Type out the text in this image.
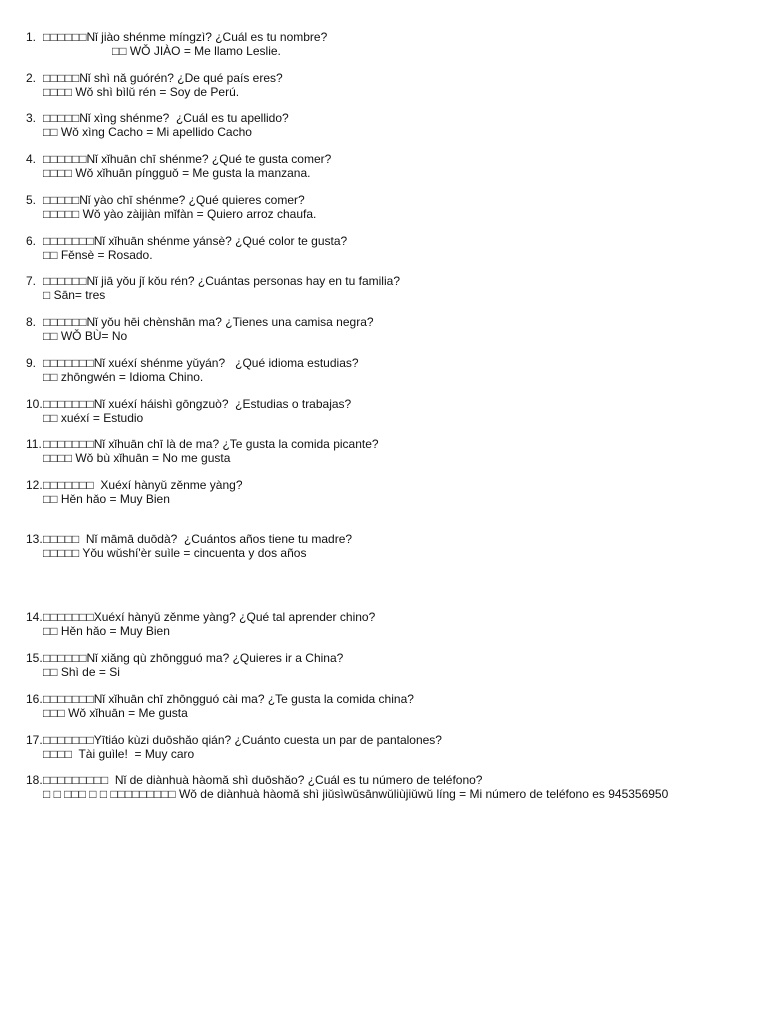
1. □□□□□□Nǐ jiào shénme míngzì? ¿Cuál es tu nombre?
□□ WǑ JIÀO = Me llamo Leslie.
2. □□□□□Nǐ shì nǎ guórén? ¿De qué país eres?
□□□□ Wǒ shì bìlǔ rén = Soy de Perú.
3. □□□□□Nǐ xìng shénme?  ¿Cuál es tu apellido?
□□ Wǒ xìng Cacho = Mi apellido Cacho
4. □□□□□□Nǐ xǐhuān chī shénme? ¿Qué te gusta comer?
□□□□ Wǒ xǐhuān píngguǒ = Me gusta la manzana.
5. □□□□□Nǐ yào chī shénme? ¿Qué quieres comer?
□□□□□ Wǒ yào zàijiàn mǐfàn = Quiero arroz chaufa.
6. □□□□□□□Nǐ xǐhuān shénme yánsè? ¿Qué color te gusta?
□□ Fěnsè = Rosado.
7. □□□□□□Nǐ jiā yǒu jǐ kǒu rén? ¿Cuántas personas hay en tu familia?
□ Sān= tres
8. □□□□□□Nǐ yǒu hēi chènshān ma? ¿Tienes una camisa negra?
□□ WǑ BÙ= No
9. □□□□□□□Nǐ xuéxí shénme yǔyán?   ¿Qué idioma estudias?
□□ zhōngwén = Idioma Chino.
10.□□□□□□□Nǐ xuéxí háishì gōngzuò?  ¿Estudias o trabajas?
□□ xuéxí = Estudio
11.□□□□□□□Nǐ xǐhuān chī là de ma? ¿Te gusta la comida picante?
□□□□ Wǒ bù xǐhuān = No me gusta
12.□□□□□□□  Xuéxí hànyǔ zěnme yàng?
□□ Hěn hǎo = Muy Bien
13.□□□□□  Nǐ māmā duōdà?  ¿Cuántos años tiene tu madre?
□□□□□ Yǒu wǔshí'èr suìle = cincuenta y dos años
14.□□□□□□□Xuéxí hànyǔ zěnme yàng? ¿Qué tal aprender chino?
□□ Hěn hǎo = Muy Bien
15.□□□□□□Nǐ xiǎng qù zhōngguó ma? ¿Quieres ir a China?
□□ Shì de = Si
16.□□□□□□□Nǐ xǐhuān chī zhōngguó cài ma? ¿Te gusta la comida china?
□□□ Wǒ xǐhuān = Me gusta
17.□□□□□□□Yītiáo kùzi duōshǎo qián? ¿Cuánto cuesta un par de pantalones?
□□□□  Tài guìle!  = Muy caro
18.□□□□□□□□□  Nǐ de diànhuà hàomǎ shì duōshǎo? ¿Cuál es tu número de teléfono?
□ □ □□□ □ □ □□□□□□□□□ Wǒ de diànhuà hàomǎ shì jiǔsìwǔsānwǔliùjiǔwǔ líng = Mi número de teléfono es 945356950
